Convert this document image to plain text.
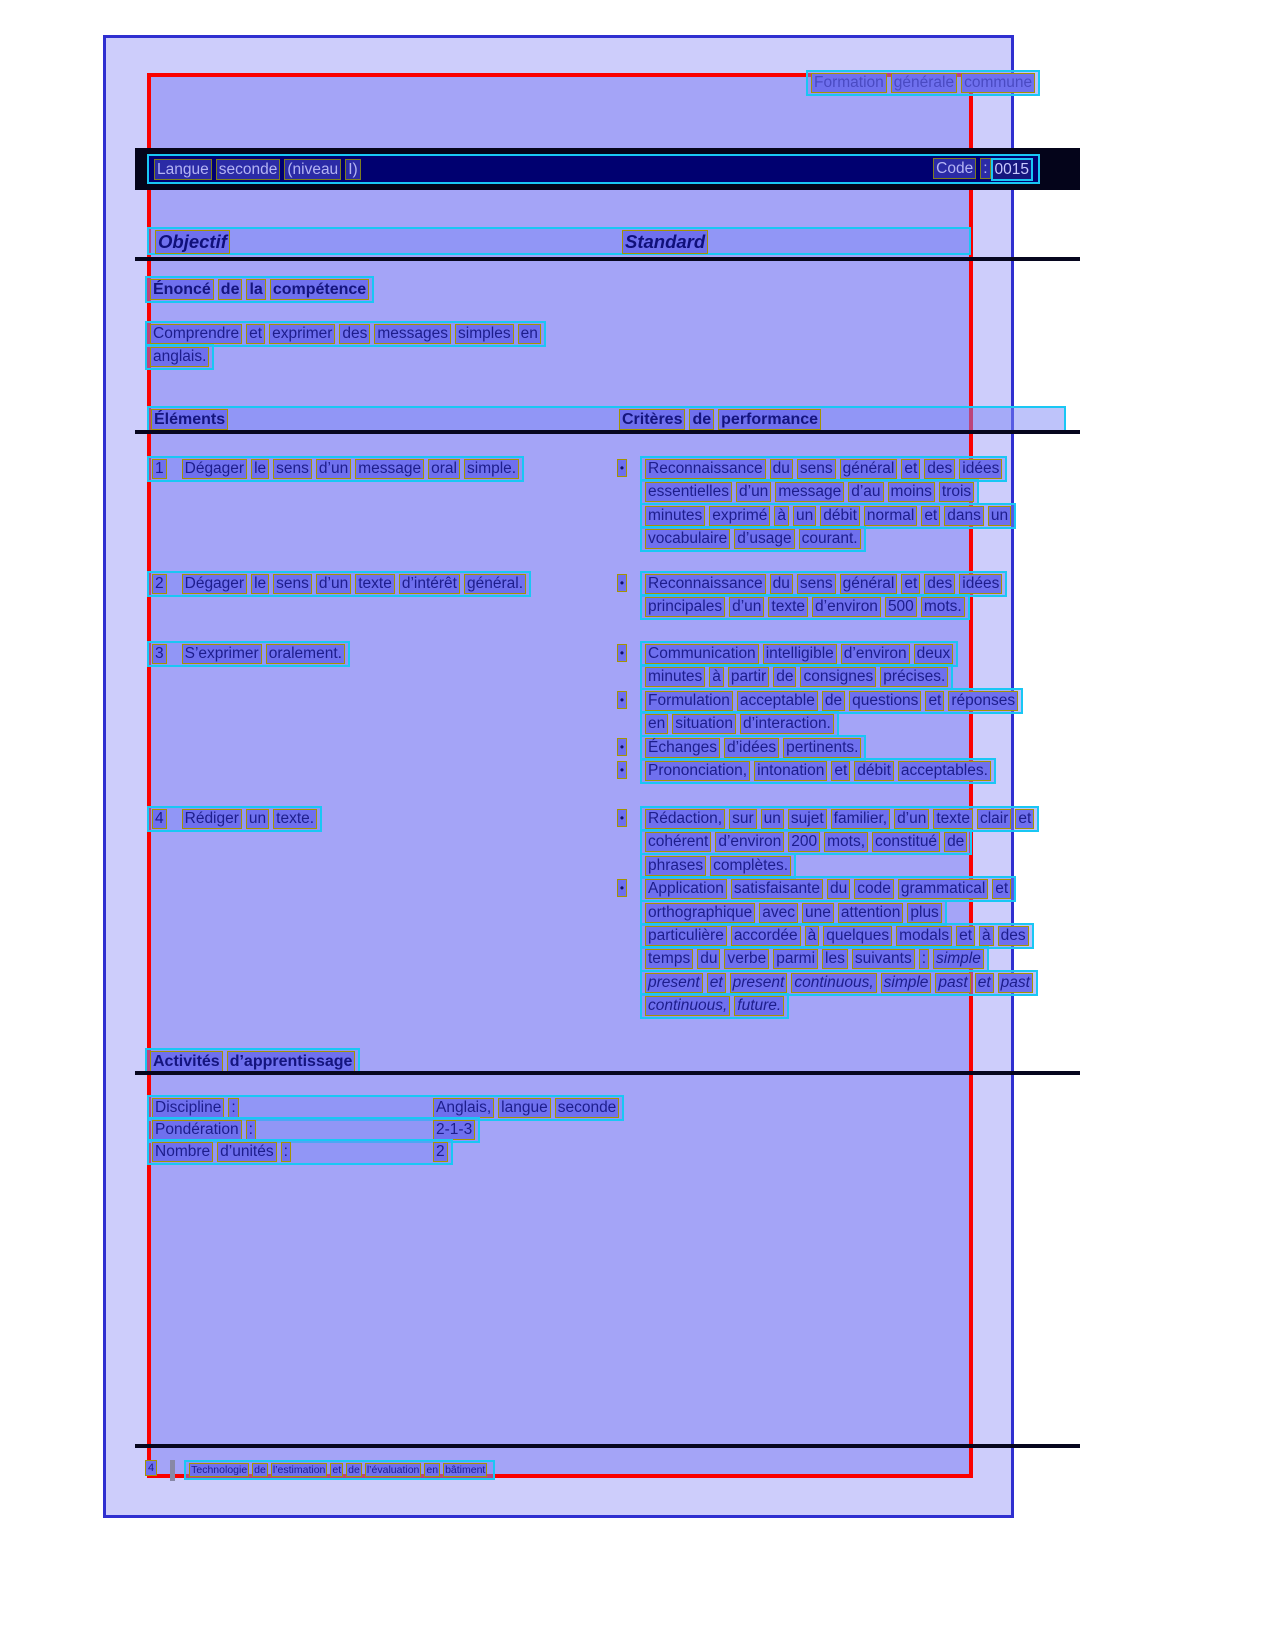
Formation générale commune
Langue seconde (niveau I)	Code : 0015
Objectif	Standard
Énoncé de la compétence
Comprendre et exprimer des messages simples en
anglais.
Éléments	Critères de performance
1 Dégager le sens d’un message oral simple.	•	Reconnaissance du sens général et des idées
essentielles d’un message d’au moins trois
minutes exprimé à un débit normal et dans un
vocabulaire d’usage courant.
2 Dégager le sens d’un texte d’intérêt général.	•	Reconnaissance du sens général et des idées
principales d’un texte d’environ 500 mots.
3 S’exprimer oralement.	•	Communication intelligible d’environ deux
minutes à partir de consignes précises.
•	Formulation acceptable de questions et réponses
en situation d’interaction.
•	Échanges d’idées pertinents.
•	Prononciation, intonation et débit acceptables.
4 Rédiger un texte.	•	Rédaction, sur un sujet familier, d’un texte clair et
cohérent d’environ 200 mots, constitué de
phrases complètes.
•	Application satisfaisante du code grammatical et
orthographique avec une attention plus
particulière accordée à quelques modals et à des
temps du verbe parmi les suivants : simple
present et present continuous, simple past et past
continuous, future.
Activités d’apprentissage
Discipline :	Anglais, langue seconde
Pondération :	2-1-3
Nombre d’unités :	2
4	Technologie de l’estimation et de l’évaluation en bâtiment
